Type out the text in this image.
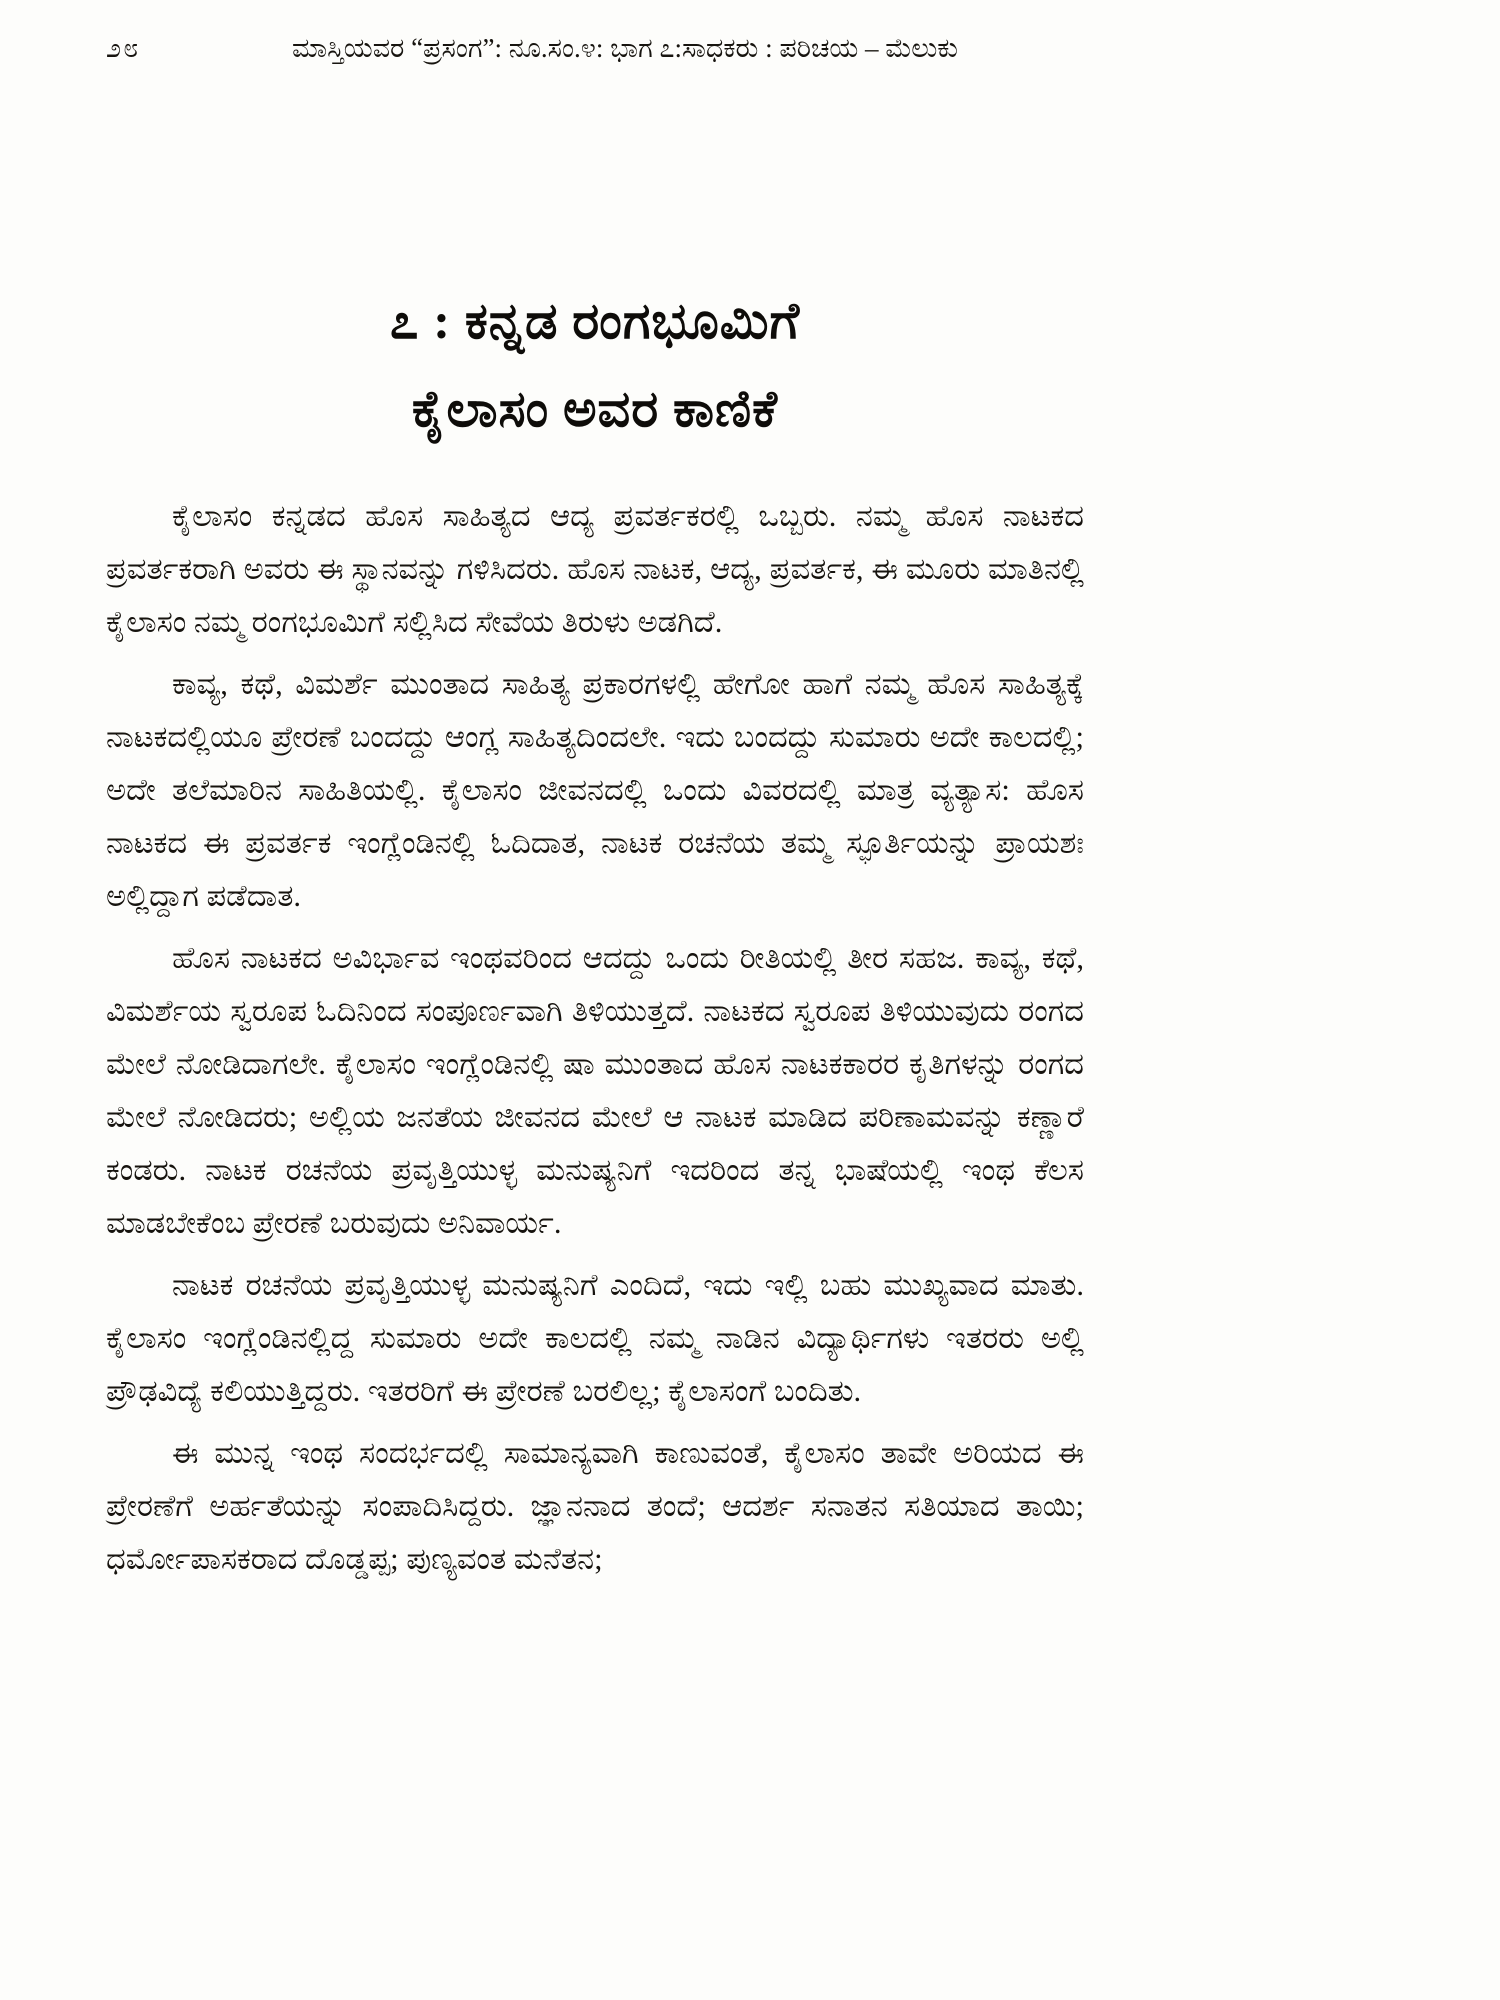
೨೮	ಮಾಸ್ತಿಯವರ “ಪ್ರಸಂಗ”: ನೂ.ಸಂ.೪: ಭಾಗ ೭:ಸಾಧಕರು : ಪರಿಚಯ – ಮೆಲುಕು
೭ : ಕನ್ನಡ ರಂಗಭೂಮಿಗೆ
ಕೈಲಾಸಂ ಅವರ ಕಾಣಿಕೆ

ಕೈಲಾಸಂ ಕನ್ನಡದ ಹೊಸ ಸಾಹಿತ್ಯದ ಆದ್ಯ ಪ್ರವರ್ತಕರಲ್ಲಿ ಒಬ್ಬರು. ನಮ್ಮ ಹೊಸ ನಾಟಕದ ಪ್ರವರ್ತಕರಾಗಿ ಅವರು ಈ ಸ್ಥಾನವನ್ನು ಗಳಿಸಿದರು. ಹೊಸ ನಾಟಕ, ಆದ್ಯ, ಪ್ರವರ್ತಕ, ಈ ಮೂರು ಮಾತಿನಲ್ಲಿ ಕೈಲಾಸಂ ನಮ್ಮ ರಂಗಭೂಮಿಗೆ ಸಲ್ಲಿಸಿದ ಸೇವೆಯ ತಿರುಳು ಅಡಗಿದೆ.

ಕಾವ್ಯ, ಕಥೆ, ವಿಮರ್ಶೆ ಮುಂತಾದ ಸಾಹಿತ್ಯ ಪ್ರಕಾರಗಳಲ್ಲಿ ಹೇಗೋ ಹಾಗೆ ನಮ್ಮ ಹೊಸ ಸಾಹಿತ್ಯಕ್ಕೆ ನಾಟಕದಲ್ಲಿಯೂ ಪ್ರೇರಣೆ ಬಂದದ್ದು ಆಂಗ್ಲ ಸಾಹಿತ್ಯದಿಂದಲೇ. ಇದು ಬಂದದ್ದು ಸುಮಾರು ಅದೇ ಕಾಲದಲ್ಲಿ; ಅದೇ ತಲೆಮಾರಿನ ಸಾಹಿತಿಯಲ್ಲಿ. ಕೈಲಾಸಂ ಜೀವನದಲ್ಲಿ ಒಂದು ವಿವರದಲ್ಲಿ ಮಾತ್ರ ವ್ಯತ್ಯಾಸ: ಹೊಸ ನಾಟಕದ ಈ ಪ್ರವರ್ತಕ ಇಂಗ್ಲೆಂಡಿನಲ್ಲಿ ಓದಿದಾತ, ನಾಟಕ ರಚನೆಯ ತಮ್ಮ ಸ್ಫೂರ್ತಿಯನ್ನು ಪ್ರಾಯಶಃ ಅಲ್ಲಿದ್ದಾಗ ಪಡೆದಾತ.

ಹೊಸ ನಾಟಕದ ಅವಿರ್ಭಾವ ಇಂಥವರಿಂದ ಆದದ್ದು ಒಂದು ರೀತಿಯಲ್ಲಿ ತೀರ ಸಹಜ. ಕಾವ್ಯ, ಕಥೆ, ವಿಮರ್ಶೆಯ ಸ್ವರೂಪ ಓದಿನಿಂದ ಸಂಪೂರ್ಣವಾಗಿ ತಿಳಿಯುತ್ತದೆ. ನಾಟಕದ ಸ್ವರೂಪ ತಿಳಿಯುವುದು ರಂಗದ ಮೇಲೆ ನೋಡಿದಾಗಲೇ. ಕೈಲಾಸಂ ಇಂಗ್ಲೆಂಡಿನಲ್ಲಿ ಷಾ ಮುಂತಾದ ಹೊಸ ನಾಟಕಕಾರರ ಕೃತಿಗಳನ್ನು ರಂಗದ ಮೇಲೆ ನೋಡಿದರು; ಅಲ್ಲಿಯ ಜನತೆಯ ಜೀವನದ ಮೇಲೆ ಆ ನಾಟಕ ಮಾಡಿದ ಪರಿಣಾಮವನ್ನು ಕಣ್ಣಾರೆ ಕಂಡರು. ನಾಟಕ ರಚನೆಯ ಪ್ರವೃತ್ತಿಯುಳ್ಳ ಮನುಷ್ಯನಿಗೆ ಇದರಿಂದ ತನ್ನ ಭಾಷೆಯಲ್ಲಿ ಇಂಥ ಕೆಲಸ ಮಾಡಬೇಕೆಂಬ ಪ್ರೇರಣೆ ಬರುವುದು ಅನಿವಾರ್ಯ.

ನಾಟಕ ರಚನೆಯ ಪ್ರವೃತ್ತಿಯುಳ್ಳ ಮನುಷ್ಯನಿಗೆ ಎಂದಿದೆ, ಇದು ಇಲ್ಲಿ ಬಹು ಮುಖ್ಯವಾದ ಮಾತು. ಕೈಲಾಸಂ ಇಂಗ್ಲೆಂಡಿನಲ್ಲಿದ್ದ ಸುಮಾರು ಅದೇ ಕಾಲದಲ್ಲಿ ನಮ್ಮ ನಾಡಿನ ವಿದ್ಯಾರ್ಥಿಗಳು ಇತರರು ಅಲ್ಲಿ ಪ್ರೌಢವಿದ್ಯೆ ಕಲಿಯುತ್ತಿದ್ದರು. ಇತರರಿಗೆ ಈ ಪ್ರೇರಣೆ ಬರಲಿಲ್ಲ; ಕೈಲಾಸಂಗೆ ಬಂದಿತು.

ಈ ಮುನ್ನ ಇಂಥ ಸಂದರ್ಭದಲ್ಲಿ ಸಾಮಾನ್ಯವಾಗಿ ಕಾಣುವಂತೆ, ಕೈಲಾಸಂ ತಾವೇ ಅರಿಯದ ಈ ಪ್ರೇರಣೆಗೆ ಅರ್ಹತೆಯನ್ನು ಸಂಪಾದಿಸಿದ್ದರು. ಜ್ಞಾನನಾದ ತಂದೆ; ಆದರ್ಶ ಸನಾತನ ಸತಿಯಾದ ತಾಯಿ; ಧರ್ಮೋಪಾಸಕರಾದ ದೊಡ್ಡಪ್ಪ; ಪುಣ್ಯವಂತ ಮನೆತನ;
